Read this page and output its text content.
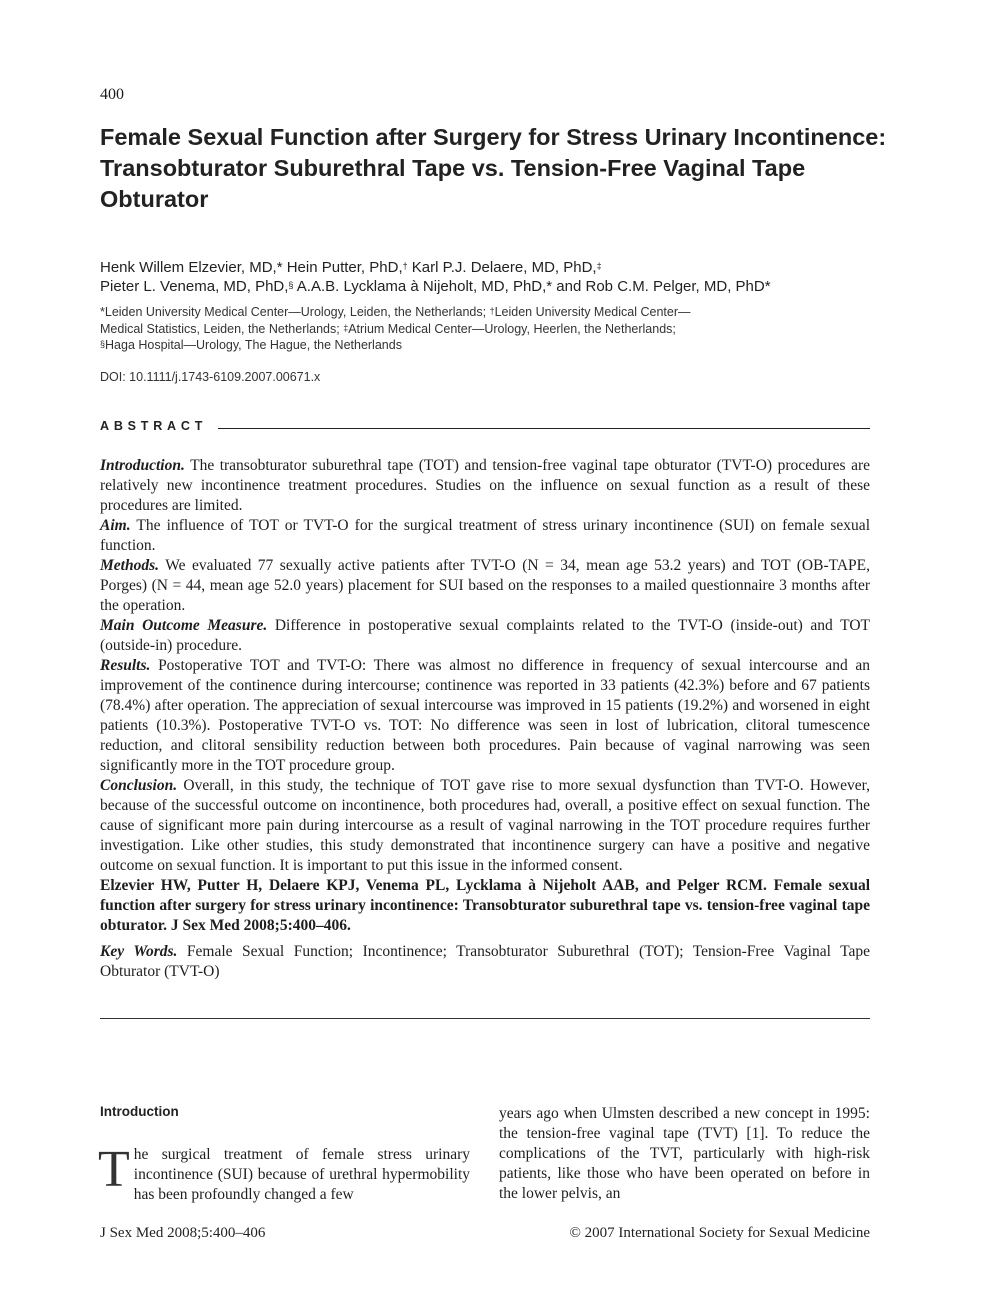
400
Female Sexual Function after Surgery for Stress Urinary Incontinence: Transobturator Suburethral Tape vs. Tension-Free Vaginal Tape Obturator
Henk Willem Elzevier, MD,* Hein Putter, PhD,† Karl P.J. Delaere, MD, PhD,‡
Pieter L. Venema, MD, PhD,§ A.A.B. Lycklama à Nijeholt, MD, PhD,* and Rob C.M. Pelger, MD, PhD*
*Leiden University Medical Center—Urology, Leiden, the Netherlands; †Leiden University Medical Center—
Medical Statistics, Leiden, the Netherlands; ‡Atrium Medical Center—Urology, Heerlen, the Netherlands;
§Haga Hospital—Urology, The Hague, the Netherlands
DOI: 10.1111/j.1743-6109.2007.00671.x
ABSTRACT

Introduction. The transobturator suburethral tape (TOT) and tension-free vaginal tape obturator (TVT-O) procedures are relatively new incontinence treatment procedures. Studies on the influence on sexual function as a result of these procedures are limited.

Aim. The influence of TOT or TVT-O for the surgical treatment of stress urinary incontinence (SUI) on female sexual function.

Methods. We evaluated 77 sexually active patients after TVT-O (N = 34, mean age 53.2 years) and TOT (OB-TAPE, Porges) (N = 44, mean age 52.0 years) placement for SUI based on the responses to a mailed questionnaire 3 months after the operation.

Main Outcome Measure. Difference in postoperative sexual complaints related to the TVT-O (inside-out) and TOT (outside-in) procedure.

Results. Postoperative TOT and TVT-O: There was almost no difference in frequency of sexual intercourse and an improvement of the continence during intercourse; continence was reported in 33 patients (42.3%) before and 67 patients (78.4%) after operation. The appreciation of sexual intercourse was improved in 15 patients (19.2%) and worsened in eight patients (10.3%). Postoperative TVT-O vs. TOT: No difference was seen in lost of lubrication, clitoral tumescence reduction, and clitoral sensibility reduction between both procedures. Pain because of vaginal narrowing was seen significantly more in the TOT procedure group.

Conclusion. Overall, in this study, the technique of TOT gave rise to more sexual dysfunction than TVT-O. However, because of the successful outcome on incontinence, both procedures had, overall, a positive effect on sexual function. The cause of significant more pain during intercourse as a result of vaginal narrowing in the TOT procedure requires further investigation. Like other studies, this study demonstrated that incontinence surgery can have a positive and negative outcome on sexual function. It is important to put this issue in the informed consent.

Elzevier HW, Putter H, Delaere KPJ, Venema PL, Lycklama à Nijeholt AAB, and Pelger RCM. Female sexual function after surgery for stress urinary incontinence: Transobturator suburethral tape vs. tension-free vaginal tape obturator. J Sex Med 2008;5:400–406.

Key Words. Female Sexual Function; Incontinence; Transobturator Suburethral (TOT); Tension-Free Vaginal Tape Obturator (TVT-O)

Introduction
The surgical treatment of female stress urinary incontinence (SUI) because of urethral hypermobility has been profoundly changed a few
years ago when Ulmsten described a new concept in 1995: the tension-free vaginal tape (TVT) [1]. To reduce the complications of the TVT, particularly with high-risk patients, like those who have been operated on before in the lower pelvis, an
J Sex Med 2008;5:400–406	© 2007 International Society for Sexual Medicine
